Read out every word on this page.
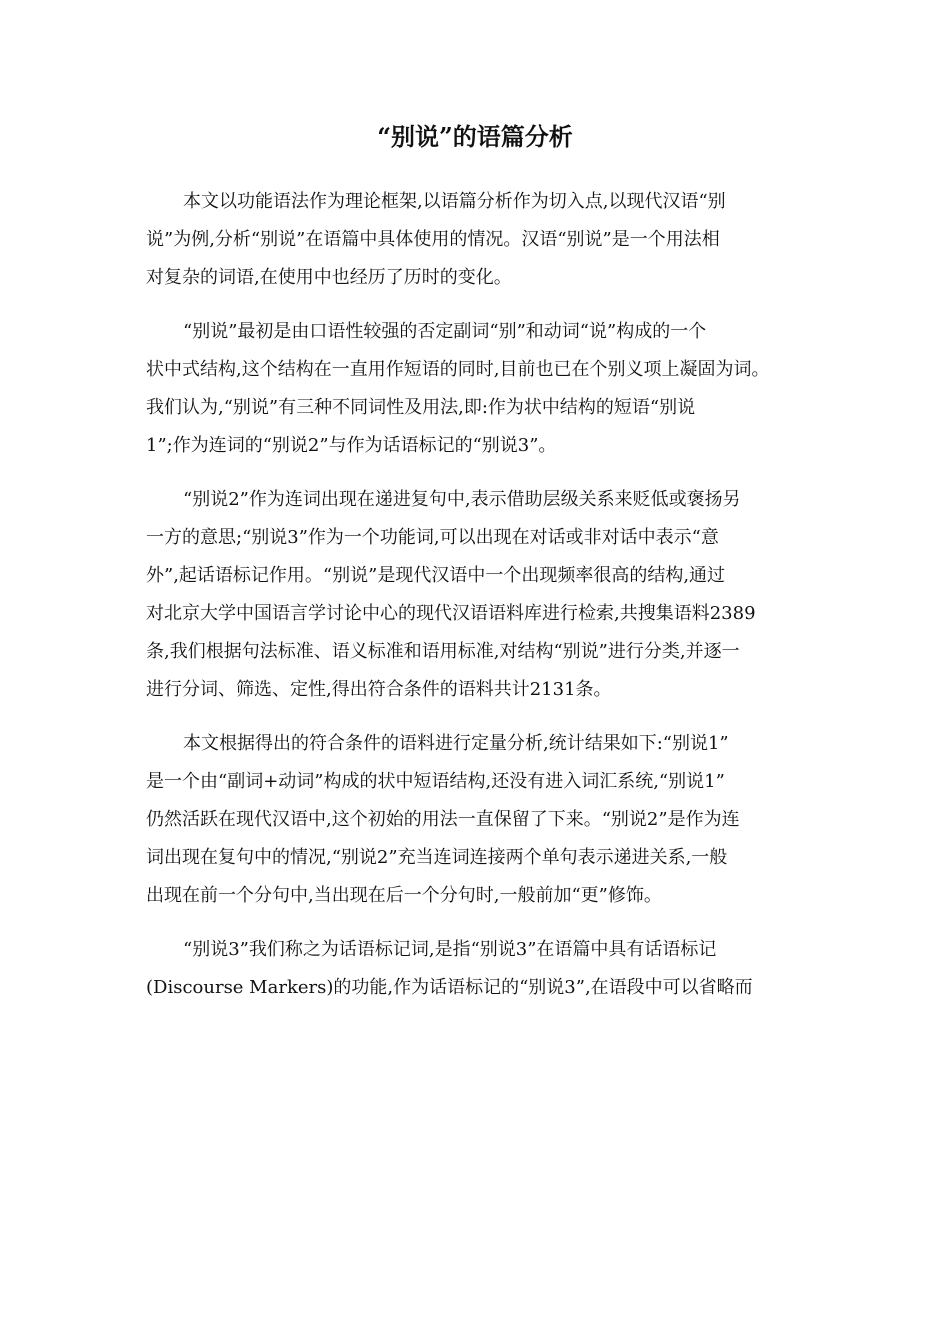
“别说”的语篇分析
本文以功能语法作为理论框架,以语篇分析作为切入点,以现代汉语“别
说”为例,分析“别说”在语篇中具体使用的情况。汉语“别说”是一个用法相
对复杂的词语,在使用中也经历了历时的变化。
“别说”最初是由口语性较强的否定副词“别”和动词“说”构成的一个
状中式结构,这个结构在一直用作短语的同时,目前也已在个别义项上凝固为词。
我们认为,“别说”有三种不同词性及用法,即:作为状中结构的短语“别说
1”;作为连词的“别说2”与作为话语标记的“别说3”。
“别说2”作为连词出现在递进复句中,表示借助层级关系来贬低或褒扬另
一方的意思;“别说3”作为一个功能词,可以出现在对话或非对话中表示“意
外”,起话语标记作用。“别说”是现代汉语中一个出现频率很高的结构,通过
对北京大学中国语言学讨论中心的现代汉语语料库进行检索,共搜集语料2389
条,我们根据句法标准、语义标准和语用标准,对结构“别说”进行分类,并逐一
进行分词、筛选、定性,得出符合条件的语料共计2131条。
本文根据得出的符合条件的语料进行定量分析,统计结果如下:“别说1”
是一个由“副词+动词”构成的状中短语结构,还没有进入词汇系统,“别说1”
仍然活跃在现代汉语中,这个初始的用法一直保留了下来。“别说2”是作为连
词出现在复句中的情况,“别说2”充当连词连接两个单句表示递进关系,一般
出现在前一个分句中,当出现在后一个分句时,一般前加“更”修饰。
“别说3”我们称之为话语标记词,是指“别说3”在语篇中具有话语标记
(Discourse Markers)的功能,作为话语标记的“别说3”,在语段中可以省略而
